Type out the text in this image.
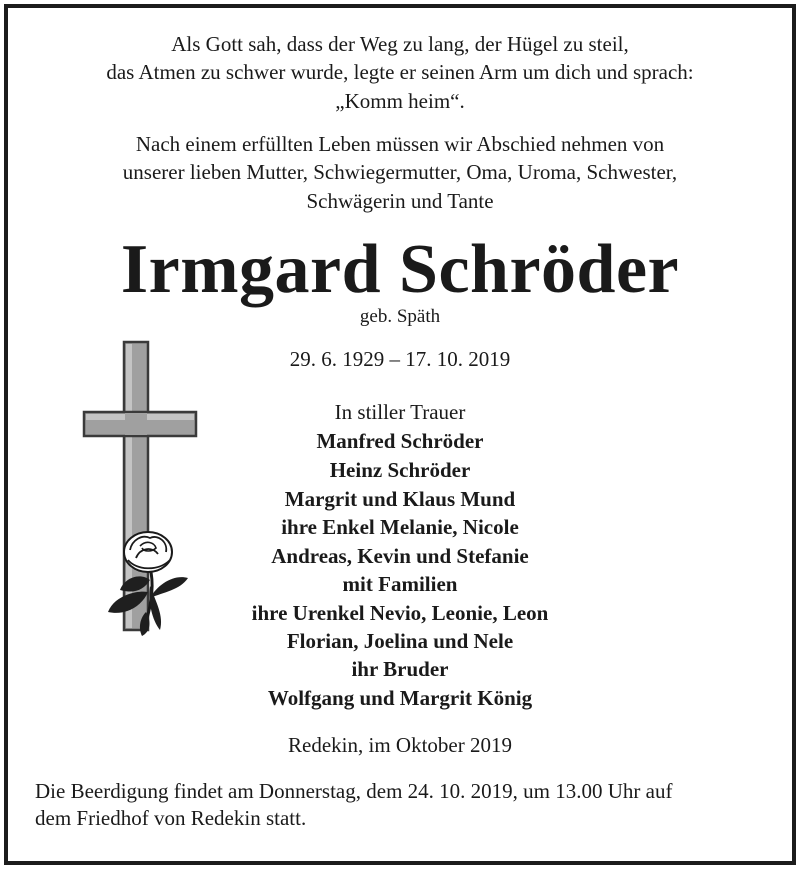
Als Gott sah, dass der Weg zu lang, der Hügel zu steil,
das Atmen zu schwer wurde, legte er seinen Arm um dich und sprach:
„Komm heim“.
Nach einem erfüllten Leben müssen wir Abschied nehmen von
unserer lieben Mutter, Schwiegermutter, Oma, Uroma, Schwester,
Schwägerin und Tante
Irmgard Schröder
geb. Späth
29. 6. 1929 – 17. 10. 2019
In stiller Trauer
Manfred Schröder
Heinz Schröder
Margrit und Klaus Mund
ihre Enkel Melanie, Nicole
Andreas, Kevin und Stefanie
mit Familien
ihre Urenkel Nevio, Leonie, Leon
Florian, Joelina und Nele
ihr Bruder
Wolfgang und Margrit König
Redekin, im Oktober 2019
Die Beerdigung findet am Donnerstag, dem 24. 10. 2019, um 13.00 Uhr auf
dem Friedhof von Redekin statt.
